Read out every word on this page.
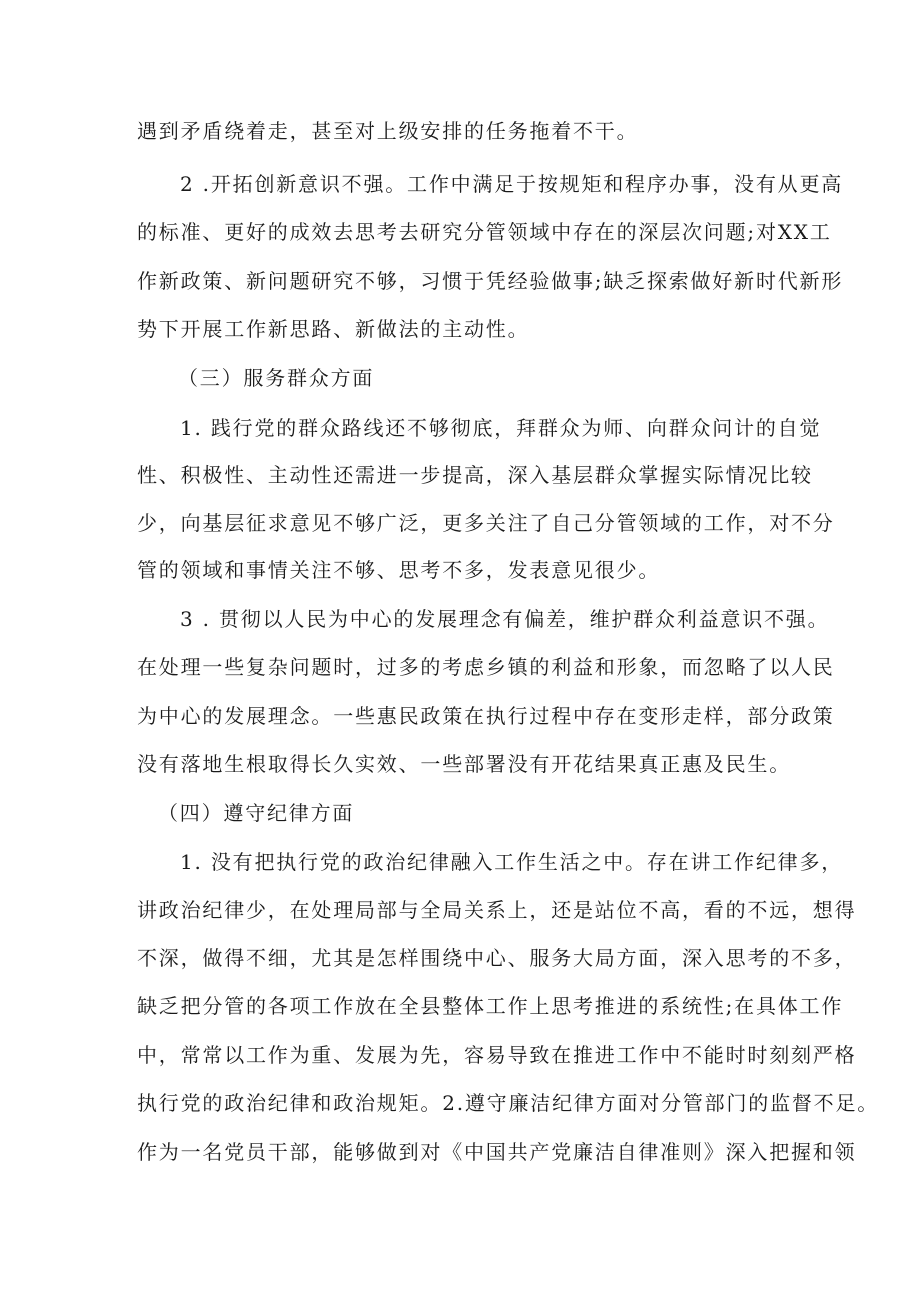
遇到矛盾绕着走，甚至对上级安排的任务拖着不干。
2 .开拓创新意识不强。工作中满足于按规矩和程序办事，没有从更高
的标准、更好的成效去思考去研究分管领域中存在的深层次问题;对XX工
作新政策、新问题研究不够，习惯于凭经验做事;缺乏探索做好新时代新形
势下开展工作新思路、新做法的主动性。
（三）服务群众方面
1. 践行党的群众路线还不够彻底，拜群众为师、向群众问计的自觉
性、积极性、主动性还需进一步提高，深入基层群众掌握实际情况比较
少，向基层征求意见不够广泛，更多关注了自己分管领域的工作，对不分
管的领域和事情关注不够、思考不多，发表意见很少。
3 . 贯彻以人民为中心的发展理念有偏差，维护群众利益意识不强。
在处理一些复杂问题时，过多的考虑乡镇的利益和形象，而忽略了以人民
为中心的发展理念。一些惠民政策在执行过程中存在变形走样，部分政策
没有落地生根取得长久实效、一些部署没有开花结果真正惠及民生。
（四）遵守纪律方面
1. 没有把执行党的政治纪律融入工作生活之中。存在讲工作纪律多，
讲政治纪律少，在处理局部与全局关系上，还是站位不高，看的不远，想得
不深，做得不细，尤其是怎样围绕中心、服务大局方面，深入思考的不多，
缺乏把分管的各项工作放在全县整体工作上思考推进的系统性;在具体工作
中，常常以工作为重、发展为先，容易导致在推进工作中不能时时刻刻严格
执行党的政治纪律和政治规矩。2.遵守廉洁纪律方面对分管部门的监督不足。
作为一名党员干部，能够做到对《中国共产党廉洁自律准则》深入把握和领
